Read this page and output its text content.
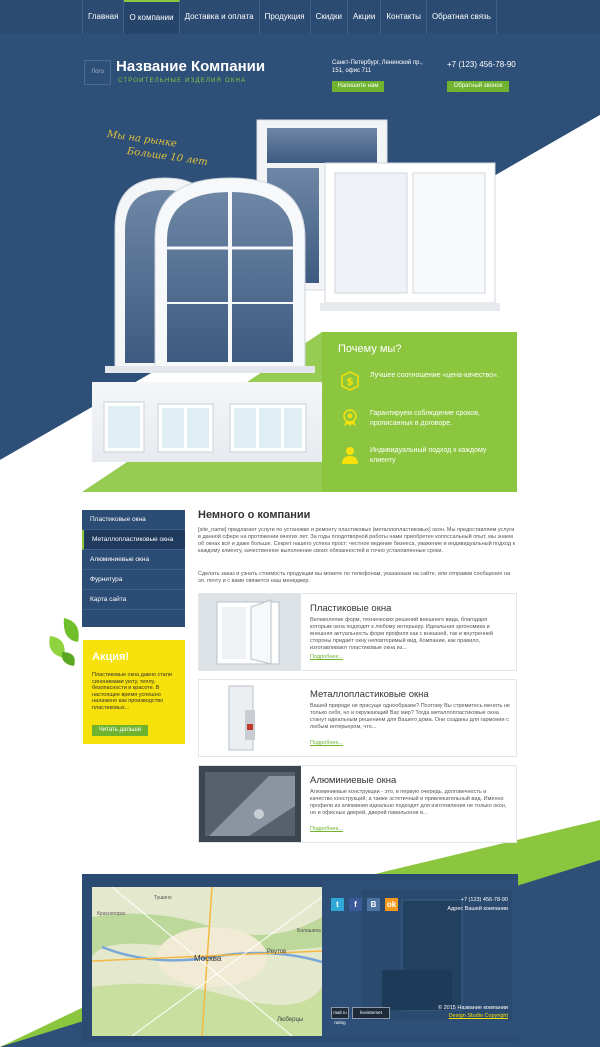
Главная	О компании	Доставка и оплата	Продукция	Скидки	Акции	Контакты	Обратная связь
Лого Название Компании
СТРОИТЕЛЬНЫЕ ИЗДЕЛИЯ ОКНА
Санкт-Петербург, Ленинский пр., 151, офис 711
+7 (123) 456-78-90
Напишите нам	Обратный звонок
Мы на рынке
Больше 10 лет
Почему мы?
$ Лучшее соотношение «цена-качество».
Гарантируем соблюдение сроков, прописанных в договоре.
Индивидуальный подход к каждому клиенту
Пластиковые окна
Металлопластиковые окна
Алюминиевые окна
Фурнитура
Карта сайта
Акция!
Пластиковые окна давно стали синонимами уюту, теплу, безопасности и красоте. В настоящее время успешно налажено как производство пластиковых...
Читать дальше
Немного о компании
[site_name] предлагает услуги по установке и ремонту пластиковых (металлопластиковых) окон. Мы предоставляем услуги в данной сфере на протяжении многих лет. За годы плодотворной работы нами приобретен колоссальный опыт, мы знаем об окнах всё и даже больше. Секрет нашего успеха прост: честное ведение бизнеса, уважение и индивидуальный подход к каждому клиенту, качественное выполнение своих обязанностей в точно установленные сроки.
Сделать заказ и узнать стоимость продукции вы можете по телефонам, указанным на сайте, или отправив сообщение на эл. почту и с вами свяжется наш менеджер.
Пластиковые окна
Великолепие форм, технических решений внешнего вида, благодаря которым окна подходят к любому интерьеру. Идеальная эргономика и внешняя актуальность форм профиля как с внешней, так и внутренней стороны придаёт окну неповторимый вид. Компании, как правило, изготавливают пластиковые окна из...
Подробнее...
Металлопластиковые окна
Вашей природе не присуще однообразие? Поэтому Вы стремитесь менять не только себя, но и окружающий Вас мир? Тогда металлопластиковые окна станут идеальным решением для Вашего дома. Они созданы для гармонии с любым интерьером, что...
Подробнее...
Алюминиевые окна
Алюминиевые конструкции - это, в первую очередь, долговечность и качество конструкций, а также эстетичный и привлекательный вид. Именно профили из алюминия идеально подходят для изготовления не только окон, но и офисных дверей, дверей павильонов и...
Подробнее...
Тушино
Красногорск
Москва
Реутов
Люберцы
Балашиха
t	f	В	ok	+7 (123) 456-78-90
Адрес Вашей компании
mail.ru rating
liveinternet
© 2015 Название компании
Design Studio Copyright
